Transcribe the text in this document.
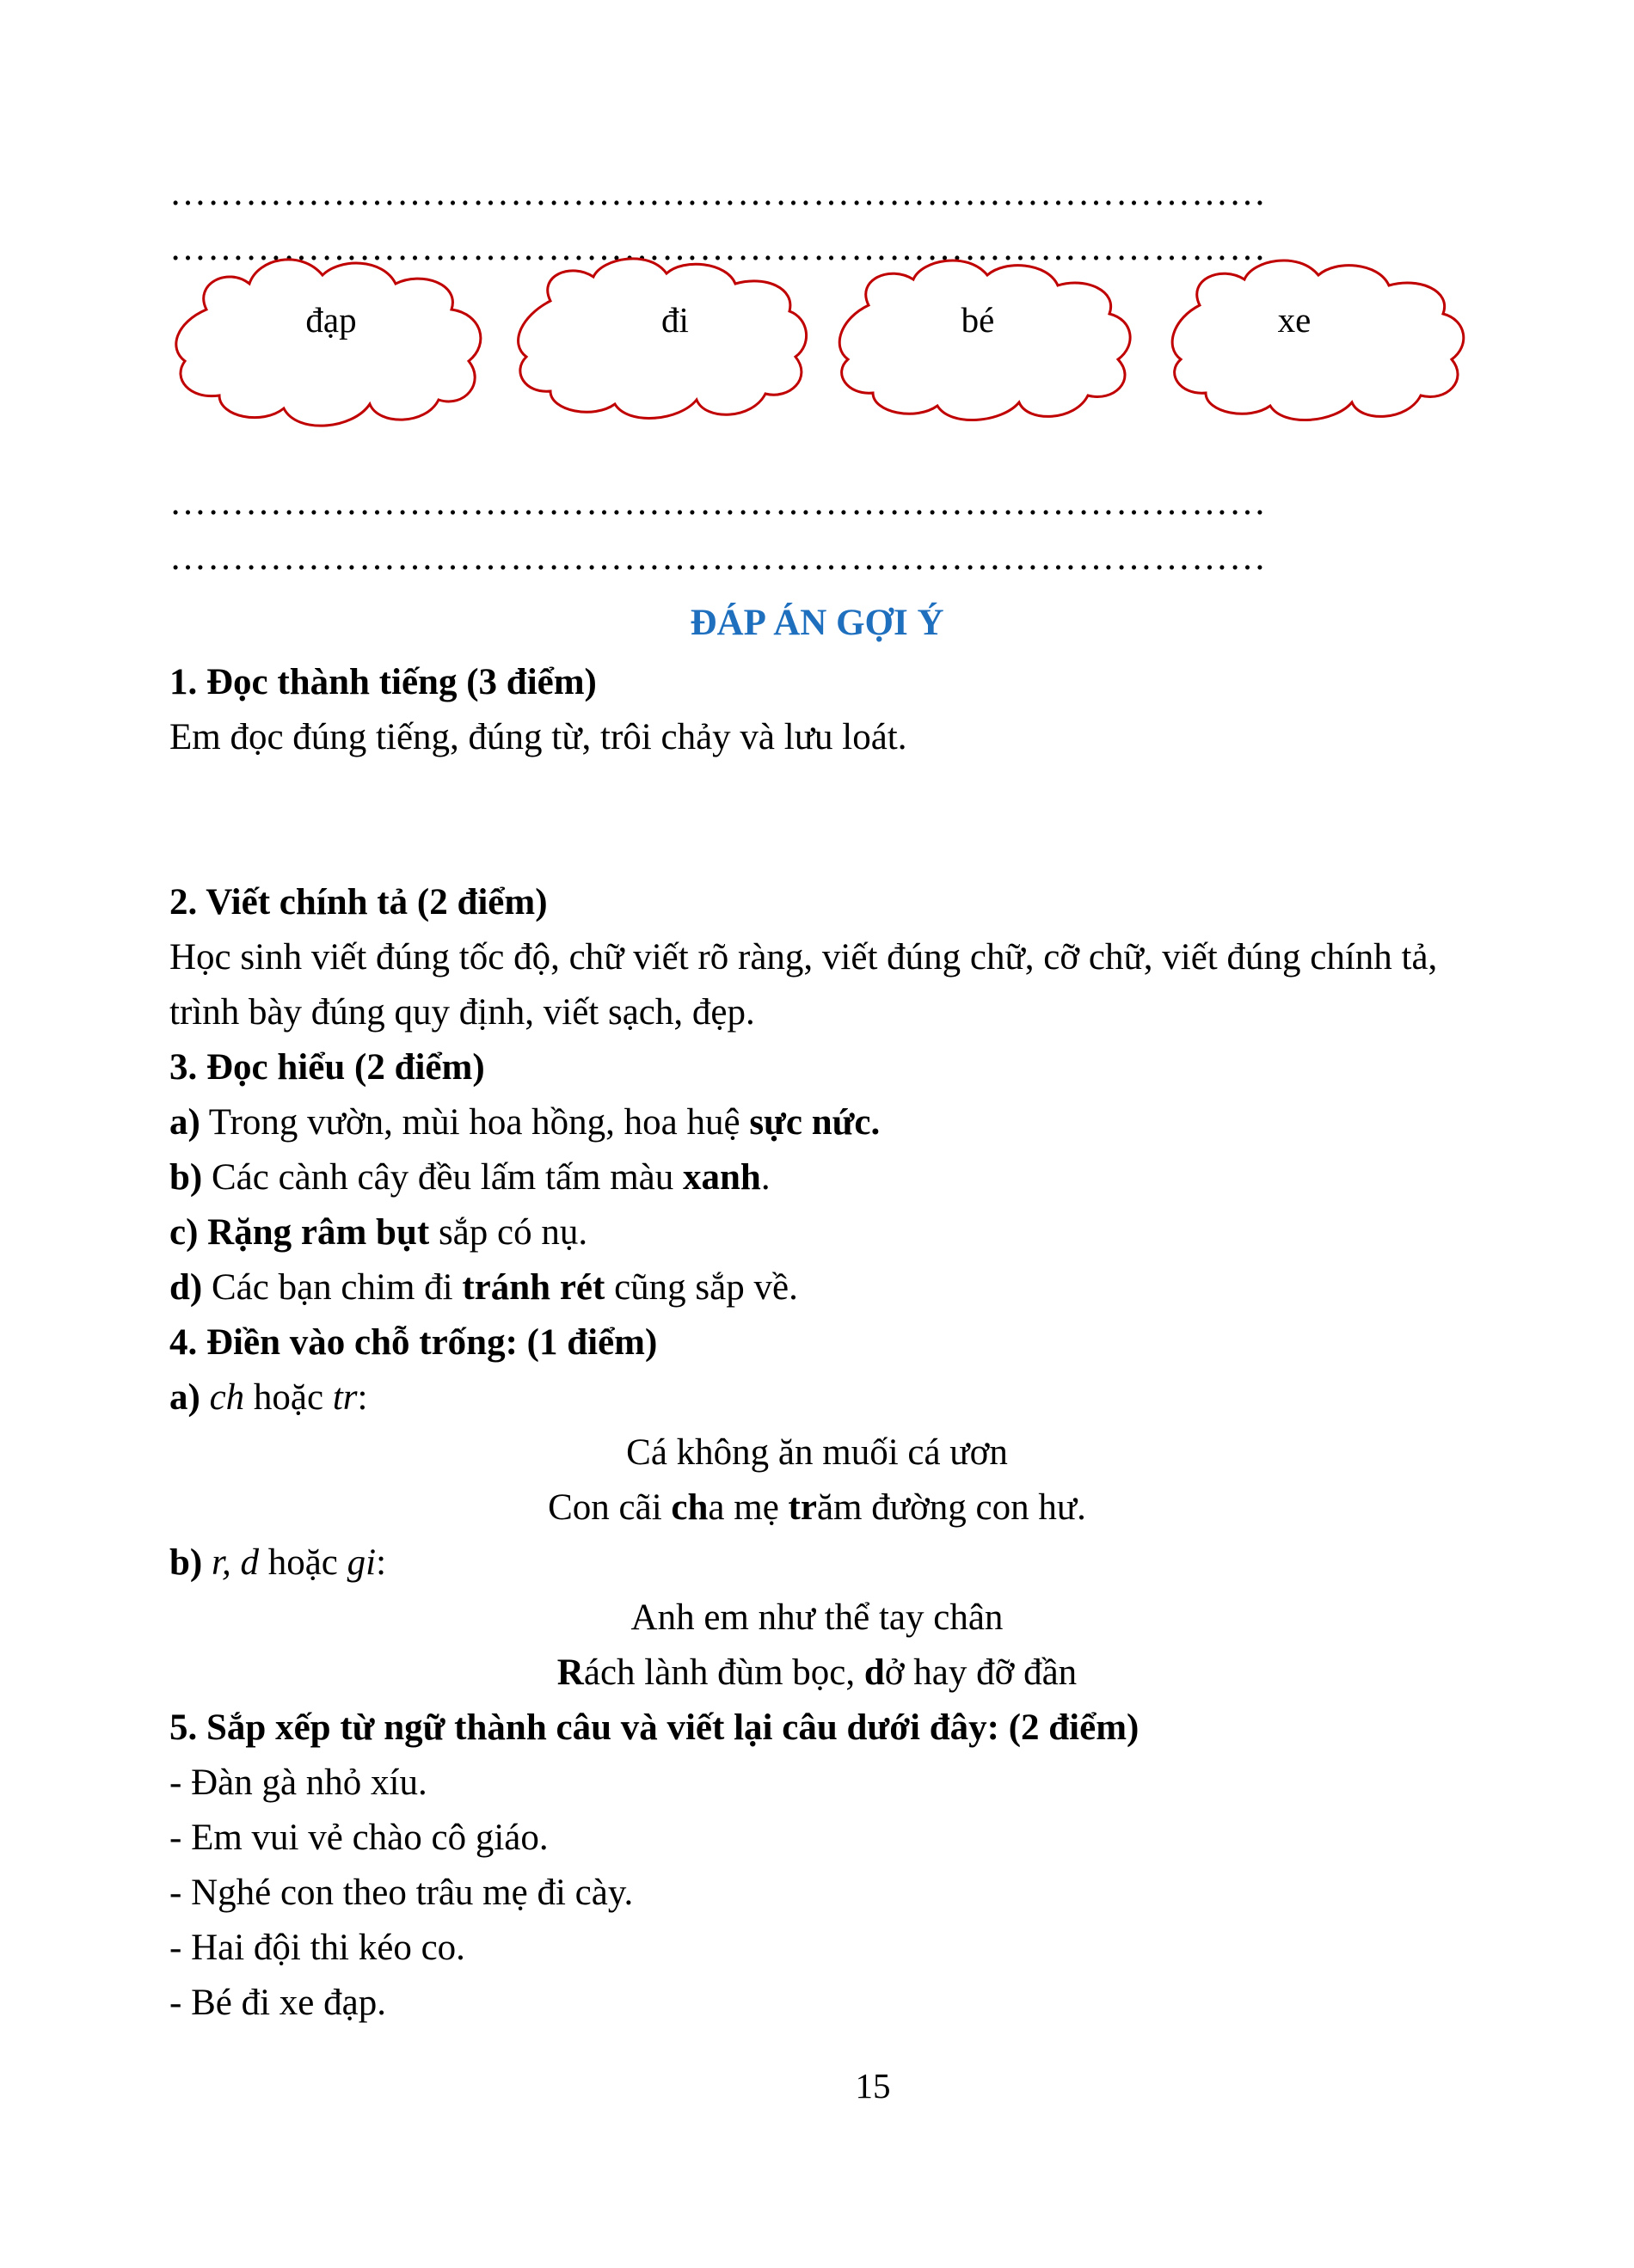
……………………………………………………………………………
……………………………………………………………………………
đạp	đi	bé	xe
……………………………………………………………………………
……………………………………………………………………………
ĐÁP ÁN GỢI Ý
1. Đọc thành tiếng (3 điểm)
Em đọc đúng tiếng, đúng từ, trôi chảy và lưu loát.
2. Viết chính tả (2 điểm)
Học sinh viết đúng tốc độ, chữ viết rõ ràng, viết đúng chữ, cỡ chữ, viết đúng chính tả, trình bày đúng quy định, viết sạch, đẹp.
3. Đọc hiểu (2 điểm)
a) Trong vườn, mùi hoa hồng, hoa huệ sực nức.
b) Các cành cây đều lấm tấm màu xanh.
c) Rặng râm bụt sắp có nụ.
d) Các bạn chim đi tránh rét cũng sắp về.
4. Điền vào chỗ trống: (1 điểm)
a) ch hoặc tr:
Cá không ăn muối cá ươn
Con cãi cha mẹ trăm đường con hư.
b) r, d hoặc gi:
Anh em như thể tay chân
Rách lành đùm bọc, dở hay đỡ đần
5. Sắp xếp từ ngữ thành câu và viết lại câu dưới đây: (2 điểm)
- Đàn gà nhỏ xíu.
- Em vui vẻ chào cô giáo.
- Nghé con theo trâu mẹ đi cày.
- Hai đội thi kéo co.
- Bé đi xe đạp.
15
